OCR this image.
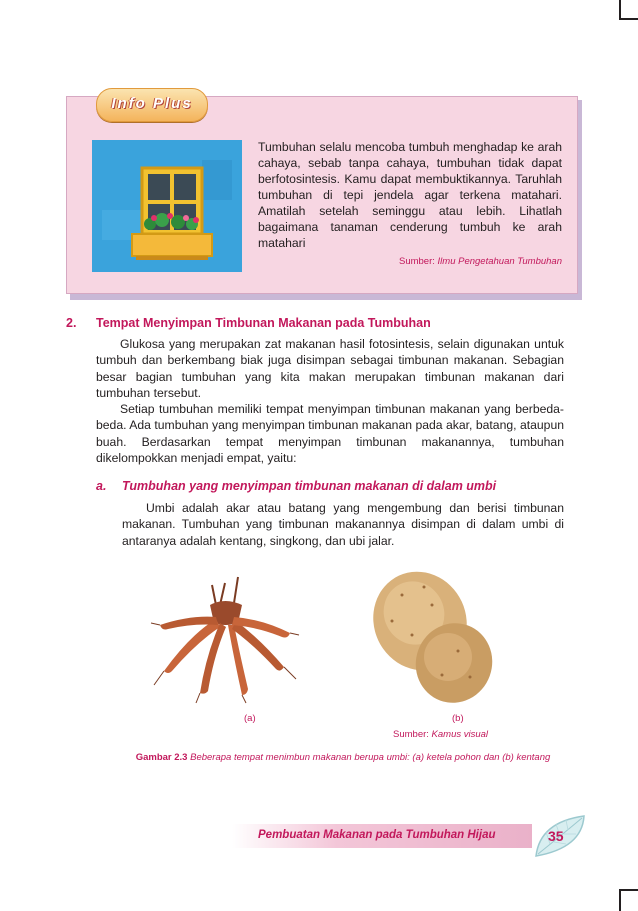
Info Plus
Tumbuhan selalu mencoba tumbuh menghadap ke arah cahaya, sebab tanpa cahaya, tumbuhan tidak dapat berfotosintesis. Kamu dapat membuktikannya. Taruhlah tumbuhan di tepi jendela agar terkena matahari. Amatilah setelah seminggu atau lebih. Lihatlah bagaimana tanaman cenderung tumbuh ke arah matahari
Sumber: Ilmu Pengetahuan Tumbuhan
2. Tempat Menyimpan Timbunan Makanan pada Tumbuhan

Glukosa yang merupakan zat makanan hasil fotosintesis, selain digunakan untuk tumbuh dan berkembang biak juga disimpan sebagai timbunan makanan. Sebagian besar bagian tumbuhan yang kita makan merupakan timbunan makanan dari tumbuhan tersebut.

Setiap tumbuhan memiliki tempat menyimpan timbunan makanan yang berbeda-beda. Ada tumbuhan yang menyimpan timbunan makanan pada akar, batang, ataupun buah. Berdasarkan tempat menyimpan timbunan makanannya, tumbuhan dikelompokkan menjadi empat, yaitu:

a. Tumbuhan yang menyimpan timbunan makanan di dalam umbi

Umbi adalah akar atau batang yang mengembung dan berisi timbunan makanan. Tumbuhan yang timbunan makanannya disimpan di dalam umbi di antaranya adalah kentang, singkong, dan ubi jalar.

(a)	(b)
Sumber: Kamus visual
Gambar 2.3 Beberapa tempat menimbun makanan berupa umbi: (a) ketela pohon dan (b) kentang
Pembuatan Makanan pada Tumbuhan Hijau	35
